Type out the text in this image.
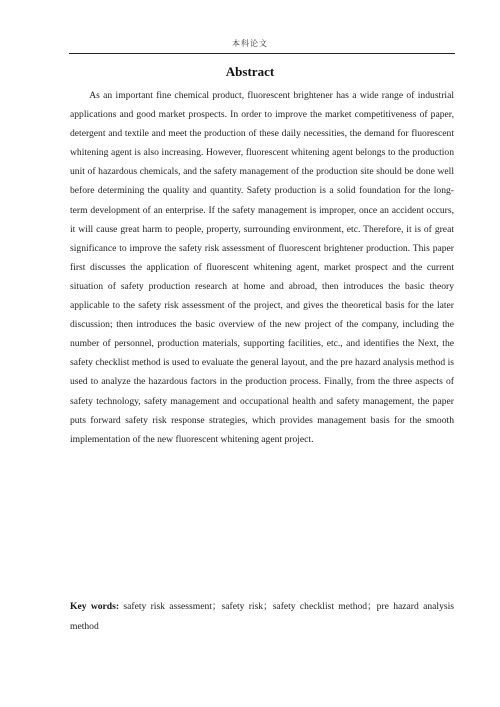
本科论文
Abstract

As an important fine chemical product, fluorescent brightener has a wide range of industrial applications and good market prospects. In order to improve the market competitiveness of paper, detergent and textile and meet the production of these daily necessities, the demand for fluorescent whitening agent is also increasing. However, fluorescent whitening agent belongs to the production unit of hazardous chemicals, and the safety management of the production site should be done well before determining the quality and quantity. Safety production is a solid foundation for the long-term development of an enterprise. If the safety management is improper, once an accident occurs, it will cause great harm to people, property, surrounding environment, etc. Therefore, it is of great significance to improve the safety risk assessment of fluorescent brightener production. This paper first discusses the application of fluorescent whitening agent, market prospect and the current situation of safety production research at home and abroad, then introduces the basic theory applicable to the safety risk assessment of the project, and gives the theoretical basis for the later discussion; then introduces the basic overview of the new project of the company, including the number of personnel, production materials, supporting facilities, etc., and identifies the Next, the safety checklist method is used to evaluate the general layout, and the pre hazard analysis method is used to analyze the hazardous factors in the production process. Finally, from the three aspects of safety technology, safety management and occupational health and safety management, the paper puts forward safety risk response strategies, which provides management basis for the smooth implementation of the new fluorescent whitening agent project.

Key words: safety risk assessment；safety risk；safety checklist method；pre hazard analysis method
